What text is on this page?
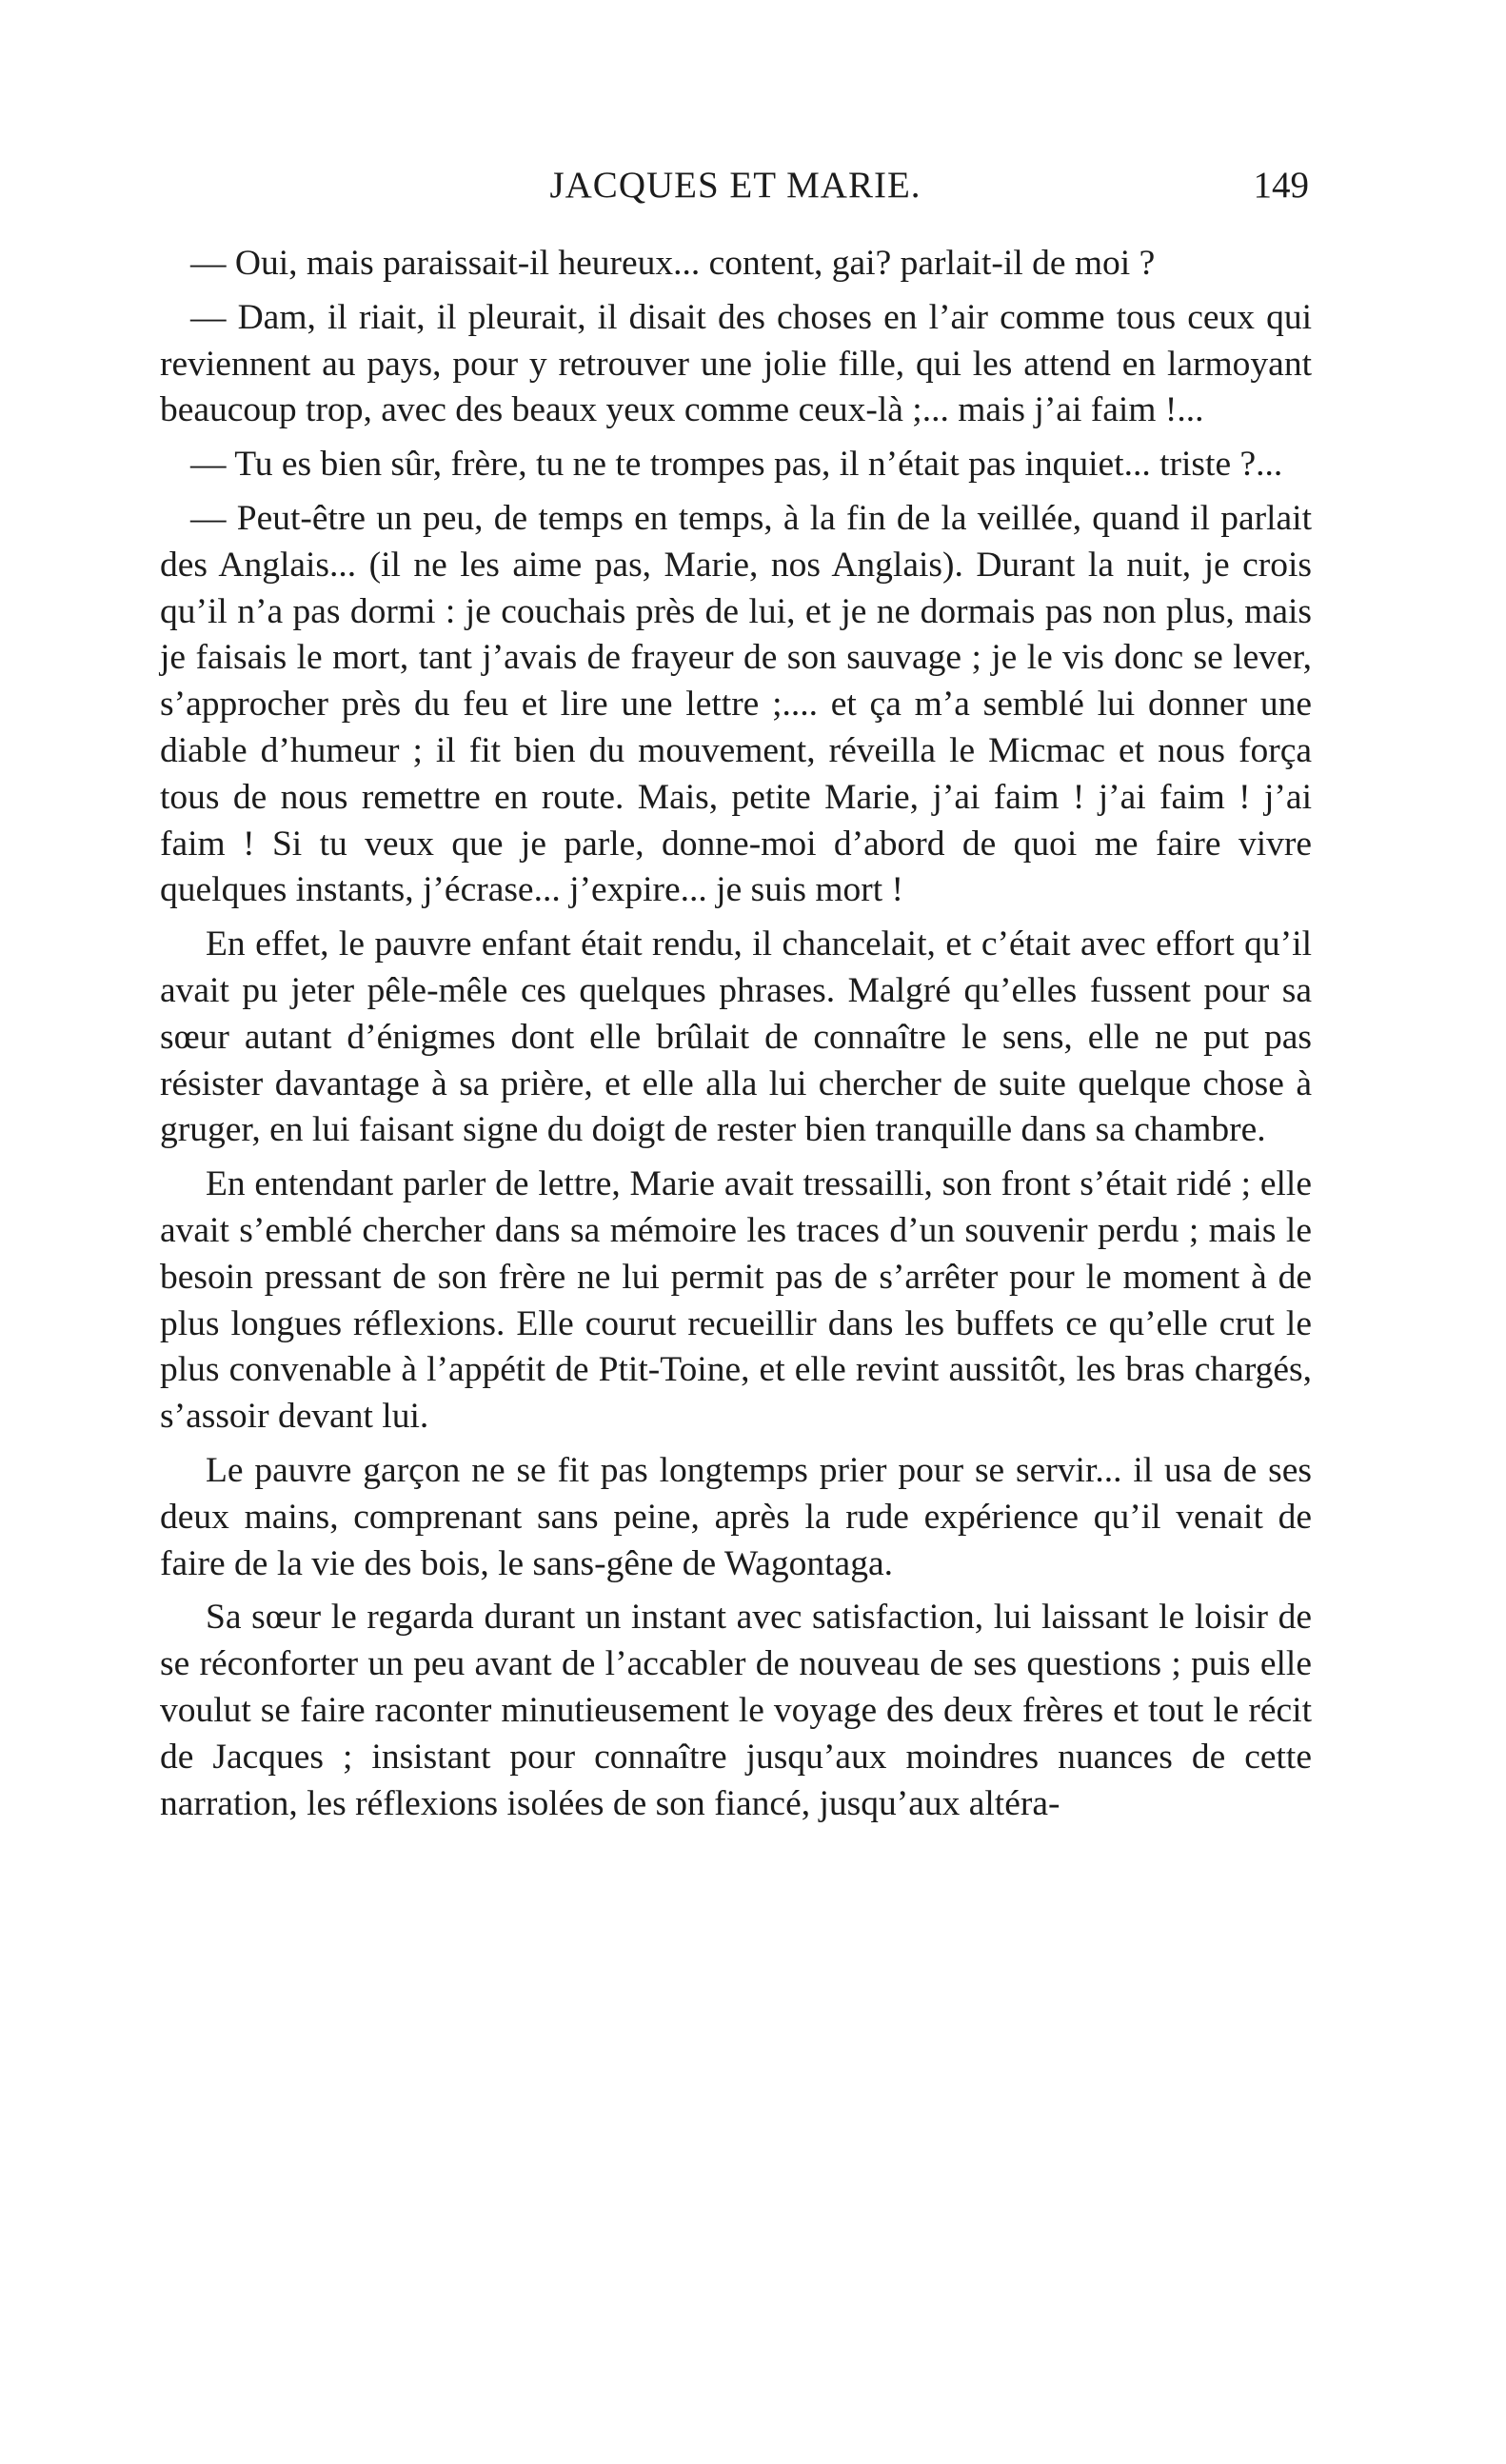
JACQUES ET MARIE.	149

— Oui, mais paraissait-il heureux... content, gai? parlait-il de moi ?

— Dam, il riait, il pleurait, il disait des choses en l’air comme tous ceux qui reviennent au pays, pour y retrouver une jolie fille, qui les attend en larmoyant beaucoup trop, avec des beaux yeux comme ceux-là ;... mais j’ai faim !...

— Tu es bien sûr, frère, tu ne te trompes pas, il n’était pas inquiet... triste ?...

— Peut-être un peu, de temps en temps, à la fin de la veillée, quand il parlait des Anglais... (il ne les aime pas, Marie, nos Anglais). Durant la nuit, je crois qu’il n’a pas dormi : je couchais près de lui, et je ne dormais pas non plus, mais je faisais le mort, tant j’avais de frayeur de son sauvage ; je le vis donc se lever, s’approcher près du feu et lire une lettre ;.... et ça m’a semblé lui donner une diable d’humeur ; il fit bien du mouvement, réveilla le Micmac et nous força tous de nous remettre en route. Mais, petite Marie, j’ai faim ! j’ai faim ! j’ai faim ! Si tu veux que je parle, donne-moi d’abord de quoi me faire vivre quelques instants, j’écrase... j’expire... je suis mort !

En effet, le pauvre enfant était rendu, il chancelait, et c’était avec effort qu’il avait pu jeter pêle-mêle ces quelques phrases. Malgré qu’elles fussent pour sa sœur autant d’énigmes dont elle brûlait de connaître le sens, elle ne put pas résister davantage à sa prière, et elle alla lui chercher de suite quelque chose à gruger, en lui faisant signe du doigt de rester bien tranquille dans sa chambre.

En entendant parler de lettre, Marie avait tressailli, son front s’était ridé ; elle avait s’emblé chercher dans sa mémoire les traces d’un souvenir perdu ; mais le besoin pressant de son frère ne lui permit pas de s’arrêter pour le moment à de plus longues réflexions. Elle courut recueillir dans les buffets ce qu’elle crut le plus convenable à l’appétit de Ptit-Toine, et elle revint aussitôt, les bras chargés, s’assoir devant lui.

Le pauvre garçon ne se fit pas longtemps prier pour se servir... il usa de ses deux mains, comprenant sans peine, après la rude expérience qu’il venait de faire de la vie des bois, le sans-gêne de Wagontaga.

Sa sœur le regarda durant un instant avec satisfaction, lui laissant le loisir de se réconforter un peu avant de l’accabler de nouveau de ses questions ; puis elle voulut se faire raconter minutieusement le voyage des deux frères et tout le récit de Jacques ; insistant pour connaître jusqu’aux moindres nuances de cette narration, les réflexions isolées de son fiancé, jusqu’aux altéra-
